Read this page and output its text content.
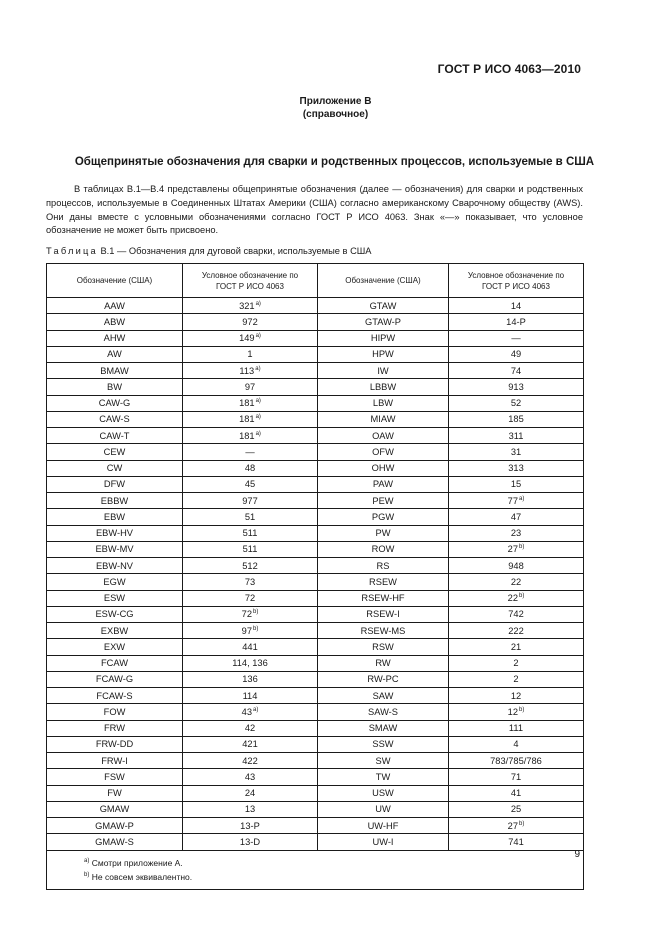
ГОСТ Р ИСО 4063—2010
Приложение В
(справочное)
Общепринятые обозначения для сварки и родственных процессов, используемые в США

В таблицах В.1—В.4 представлены общепринятые обозначения (далее — обозначения) для сварки и родственных процессов, используемые в Соединенных Штатах Америки (США) согласно американскому Сварочному обществу (AWS). Они даны вместе с условными обозначениями согласно ГОСТ Р ИСО 4063. Знак «—» показывает, что условное обозначение не может быть присвоено.

Таблица В.1 — Обозначения для дуговой сварки, используемые в США
Обозначение (США)	Условное обозначение по ГОСТ Р ИСО 4063	Обозначение (США)	Условное обозначение по ГОСТ Р ИСО 4063
AAW	321$^{a)}$	GTAW	14
ABW	972	GTAW-P	14-P
AHW	149$^{a)}$	HIPW	—
AW	1	HPW	49
BMAW	113$^{a)}$	IW	74
BW	97	LBBW	913
CAW-G	181$^{a)}$	LBW	52
CAW-S	181$^{a)}$	MIAW	185
CAW-T	181$^{a)}$	OAW	311
CEW	—	OFW	31
CW	48	OHW	313
DFW	45	PAW	15
EBBW	977	PEW	77$^{a)}$
EBW	51	PGW	47
EBW-HV	511	PW	23
EBW-MV	511	ROW	27$^{b)}$
EBW-NV	512	RS	948
EGW	73	RSEW	22
ESW	72	RSEW-HF	22$^{b)}$
ESW-CG	72$^{b)}$	RSEW-I	742
EXBW	97$^{b)}$	RSEW-MS	222
EXW	441	RSW	21
FCAW	114, 136	RW	2
FCAW-G	136	RW-PC	2
FCAW-S	114	SAW	12
FOW	43$^{a)}$	SAW-S	12$^{b)}$
FRW	42	SMAW	111
FRW-DD	421	SSW	4
FRW-I	422	SW	783/785/786
FSW	43	TW	71
FW	24	USW	41
GMAW	13	UW	25
GMAW-P	13-P	UW-HF	27$^{b)}$
GMAW-S	13-D	UW-I	741

$^{a)}$ Смотри приложение А.
$^{b)}$ Не совсем эквивалентно.			
9
